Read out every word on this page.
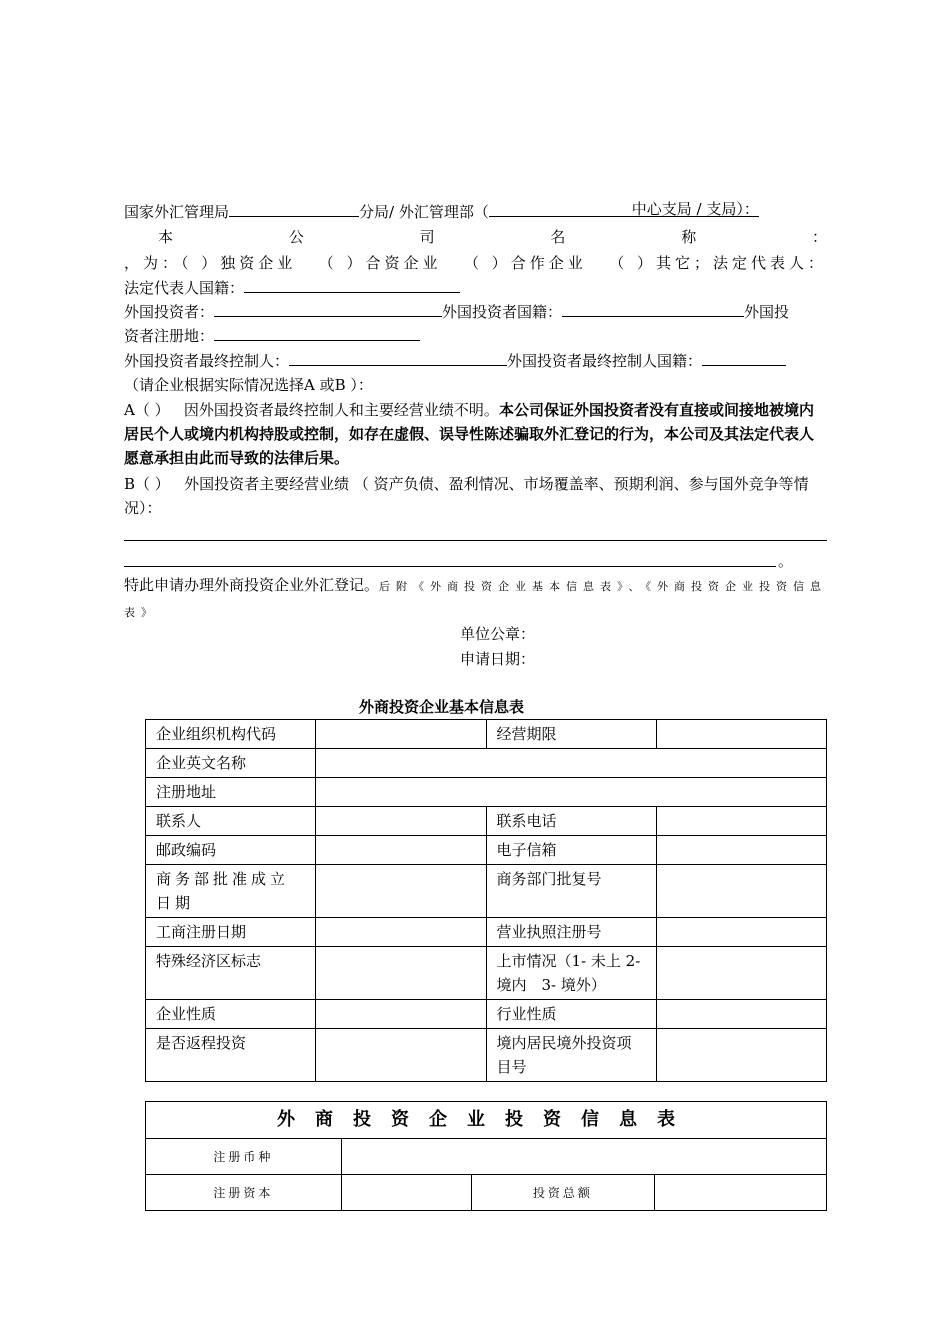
国家外汇管理局	分局/ 外汇管理部（	中心支局 / 支局）：
本	公	司	名	称	：
，为：（ ）独资企业 （ ）合资企业 （ ）合作企业 （ ）其它；法定代表人：
法定代表人国籍：
外国投资者：	外国投资者国籍：	外国投
资者注册地：
外国投资者最终控制人：	外国投资者最终控制人国籍：
（请企业根据实际情况选择A 或B ）：
A（ ） 因外国投资者最终控制人和主要经营业绩不明。本公司保证外国投资者没有直接或间接地被境内居民个人或境内机构持股或控制，如存在虚假、误导性陈述骗取外汇登记的行为，本公司及其法定代表人愿意承担由此而导致的法律后果。
B（ ） 外国投资者主要经营业绩 （ 资产负债、盈利情况、市场覆盖率、预期利润、参与国外竞争等情况）：
。
特此申请办理外商投资企业外汇登记。后附《外商投资企业基本信息表》、《外商投资企业投资信息表》
单位公章：
申请日期：
外商投资企业基本信息表
企业组织机构代码		经营期限	
企业英文名称			
注册地址			
联系人		联系电话	
邮政编码		电子信箱	
商务部批准成立日期		商务部门批复号	
工商注册日期		营业执照注册号	
特殊经济区标志		上市情况（1- 未上 2- 境内　3- 境外）	
企业性质		行业性质	
是否返程投资		境内居民境外投资项目号	
外商投资企业投资信息表			
注册币种			
注册资本		投资总额	
